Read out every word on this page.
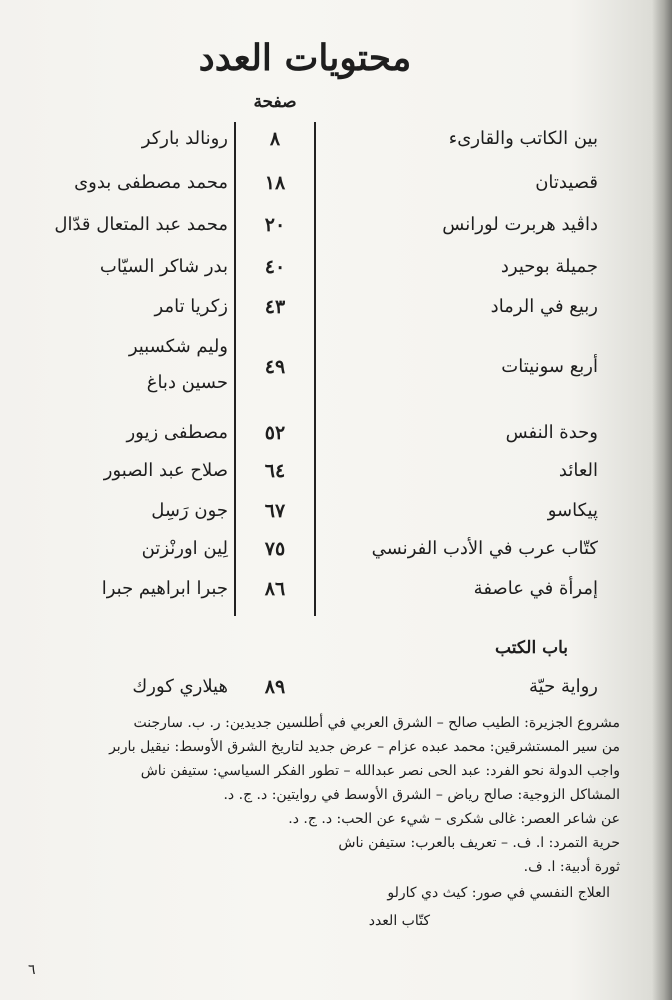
محتويات العدد
صفحة
بين الكاتب والقارىء
٨
رونالد باركر
قصيدتان
١٨
محمد مصطفى بدوى
داڤيد هربرت لورانس
٢٠
محمد عبد المتعال قدّال
جميلة بوحيرد
٤٠
بدر شاكر السيّاب
ربيع في الرماد
٤٣
زكريا تامر
أربع سونيتات
٤٩
وليم شكسبير
حسين دباغ
وحدة النفس
٥٢
مصطفى زيور
العائد
٦٤
صلاح عبد الصبور
پيكاسو
٦٧
جون رَسِل
كتّاب عرب في الأدب الفرنسي
٧٥
لِين اورنْزتن
إمرأة في عاصفة
٨٦
جبرا ابراهيم جبرا
باب الكتب
رواية حيّة
٨٩
هيلاري كورك
مشروع الجزيرة: الطيب صالح – الشرق العربي في أطلسين جديدين: ر. ب. سارجنت
من سير المستشرقين: محمد عبده عزام – عرض جديد لتاريخ الشرق الأوسط: نيقيل باربر
واجب الدولة نحو الفرد: عبد الحى نصر عبدالله – تطور الفكر السياسي: ستيفن ناش
المشاكل الزوجية: صالح رياض – الشرق الأوسط في روايتين: د. ج. د.
عن شاعر العصر: غالى شكرى – شيء عن الحب: د. ج. د.
حرية التمرد: ا. ف. – تعريف بالعرب: ستيفن ناش
ثورة أدبية: ا. ف.
العلاج النفسي في صور: كيث دي كارلو
كتّاب العدد
٦
